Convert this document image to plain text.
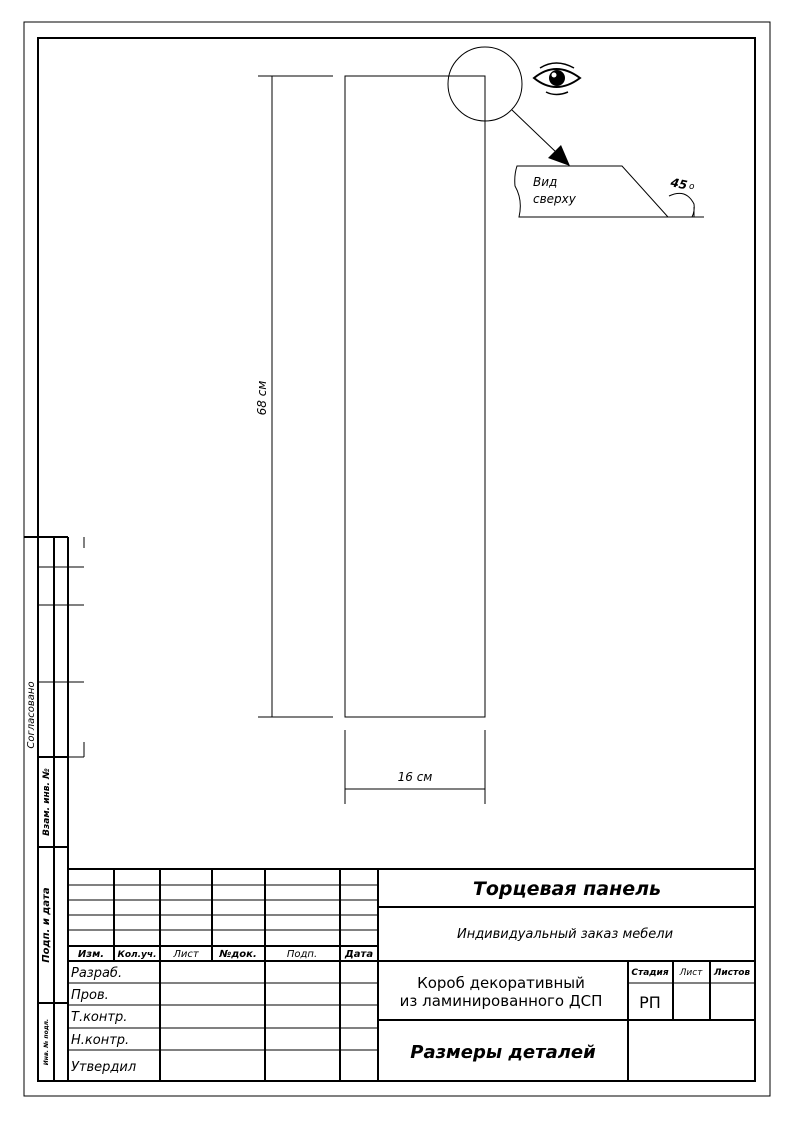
68 см
16 см
Вид
сверху
45 о
Согласовано
Взам. инв. №
Подп. и дата
Инв. № подл.
Изм. Кол.уч. Лист №док.	Подп.	Дата
Разраб.
Пров.
Т.контр.
Н.контр.
Утвердил
Торцевая панель
Индивидуальный заказ мебели
Короб декоративный
из ламинированного ДСП
Стадия Лист Листов
РП
Размеры деталей
